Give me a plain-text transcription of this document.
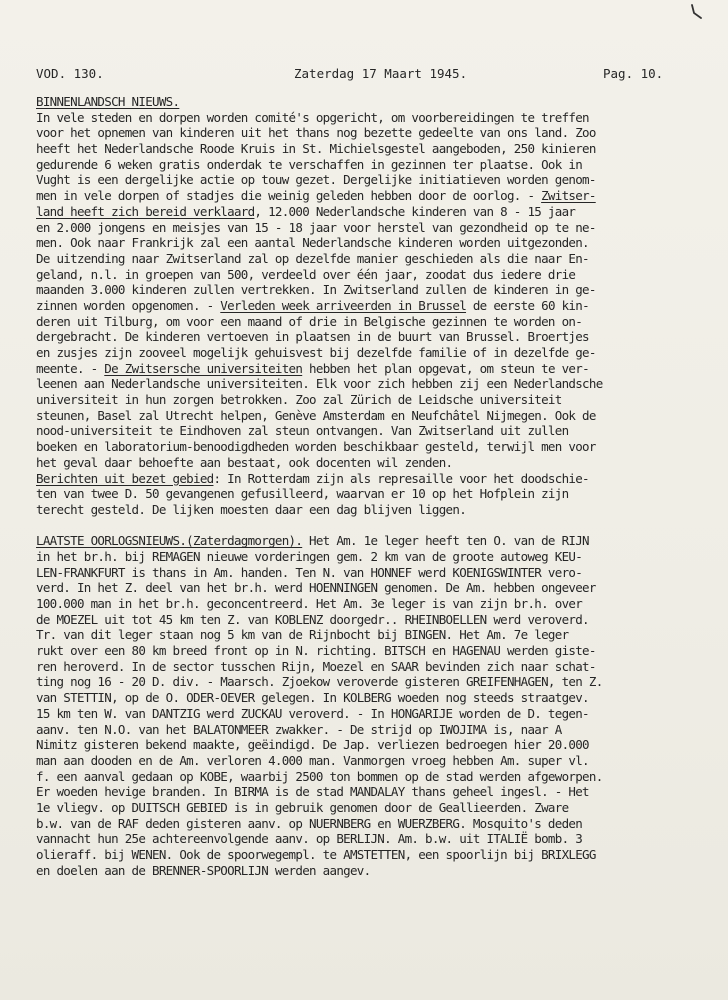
VOD. 130.	Zaterdag 17 Maart 1945.	Pag. 10.
BINNENLANDSCH NIEUWS.
In vele steden en dorpen worden comité's opgericht, om voorbereidingen te treffen
voor het opnemen van kinderen uit het thans nog bezette gedeelte van ons land. Zoo
heeft het Nederlandsche Roode Kruis in St. Michielsgestel aangeboden, 250 kinieren
gedurende 6 weken gratis onderdak te verschaffen in gezinnen ter plaatse. Ook in
Vught is een dergelijke actie op touw gezet. Dergelijke initiatieven worden genom-
men in vele dorpen of stadjes die weinig geleden hebben door de oorlog. - Zwitser-
land heeft zich bereid verklaard, 12.000 Nederlandsche kinderen van 8 - 15 jaar
en 2.000 jongens en meisjes van 15 - 18 jaar voor herstel van gezondheid op te ne-
men. Ook naar Frankrijk zal een aantal Nederlandsche kinderen worden uitgezonden.
De uitzending naar Zwitserland zal op dezelfde manier geschieden als die naar En-
geland, n.l. in groepen van 500, verdeeld over één jaar, zoodat dus iedere drie
maanden 3.000 kinderen zullen vertrekken. In Zwitserland zullen de kinderen in ge-
zinnen worden opgenomen. - Verleden week arriveerden in Brussel de eerste 60 kin-
deren uit Tilburg, om voor een maand of drie in Belgische gezinnen te worden on-
dergebracht. De kinderen vertoeven in plaatsen in de buurt van Brussel. Broertjes
en zusjes zijn zooveel mogelijk gehuisvest bij dezelfde familie of in dezelfde ge-
meente. - De Zwitsersche universiteiten hebben het plan opgevat, om steun te ver-
leenen aan Nederlandsche universiteiten. Elk voor zich hebben zij een Nederlandsche
universiteit in hun zorgen betrokken. Zoo zal Zürich de Leidsche universiteit
steunen, Basel zal Utrecht helpen, Genève Amsterdam en Neufchâtel Nijmegen. Ook de
nood-universiteit te Eindhoven zal steun ontvangen. Van Zwitserland uit zullen
boeken en laboratorium-benoodigdheden worden beschikbaar gesteld, terwijl men voor
het geval daar behoefte aan bestaat, ook docenten wil zenden.
Berichten uit bezet gebied: In Rotterdam zijn als represaille voor het doodschie-
ten van twee D. 50 gevangenen gefusilleerd, waarvan er 10 op het Hofplein zijn
terecht gesteld. De lijken moesten daar een dag blijven liggen.
LAATSTE OORLOGSNIEUWS.(Zaterdagmorgen). Het Am. 1e leger heeft ten O. van de RIJN
in het br.h. bij REMAGEN nieuwe vorderingen gem. 2 km van de groote autoweg KEU-
LEN-FRANKFURT is thans in Am. handen. Ten N. van HONNEF werd KOENIGSWINTER vero-
verd. In het Z. deel van het br.h. werd HOENNINGEN genomen. De Am. hebben ongeveer
100.000 man in het br.h. geconcentreerd. Het Am. 3e leger is van zijn br.h. over
de MOEZEL uit tot 45 km ten Z. van KOBLENZ doorgedr.. RHEINBOELLEN werd veroverd.
Tr. van dit leger staan nog 5 km van de Rijnbocht bij BINGEN. Het Am. 7e leger
rukt over een 80 km breed front op in N. richting. BITSCH en HAGENAU werden giste-
ren heroverd. In de sector tusschen Rijn, Moezel en SAAR bevinden zich naar schat-
ting nog 16 - 20 D. div. - Maarsch. Zjoekow veroverde gisteren GREIFENHAGEN, ten Z.
van STETTIN, op de O. ODER-OEVER gelegen. In KOLBERG woeden nog steeds straatgev.
15 km ten W. van DANTZIG werd ZUCKAU veroverd. - In HONGARIJE worden de D. tegen-
aanv. ten N.O. van het BALATONMEER zwakker. - De strijd op IWOJIMA is, naar A
Nimitz gisteren bekend maakte, geëindigd. De Jap. verliezen bedroegen hier 20.000
man aan dooden en de Am. verloren 4.000 man. Vanmorgen vroeg hebben Am. super vl.
f. een aanval gedaan op KOBE, waarbij 2500 ton bommen op de stad werden afgeworpen.
Er woeden hevige branden. In BIRMA is de stad MANDALAY thans geheel ingesl. - Het
1e vliegv. op DUITSCH GEBIED is in gebruik genomen door de Geallieerden. Zware
b.w. van de RAF deden gisteren aanv. op NUERNBERG en WUERZBERG. Mosquito's deden
vannacht hun 25e achtereenvolgende aanv. op BERLIJN. Am. b.w. uit ITALIË bomb. 3
olieraff. bij WENEN. Ook de spoorwegempl. te AMSTETTEN, een spoorlijn bij BRIXLEGG
en doelen aan de BRENNER-SPOORLIJN werden aangev.
